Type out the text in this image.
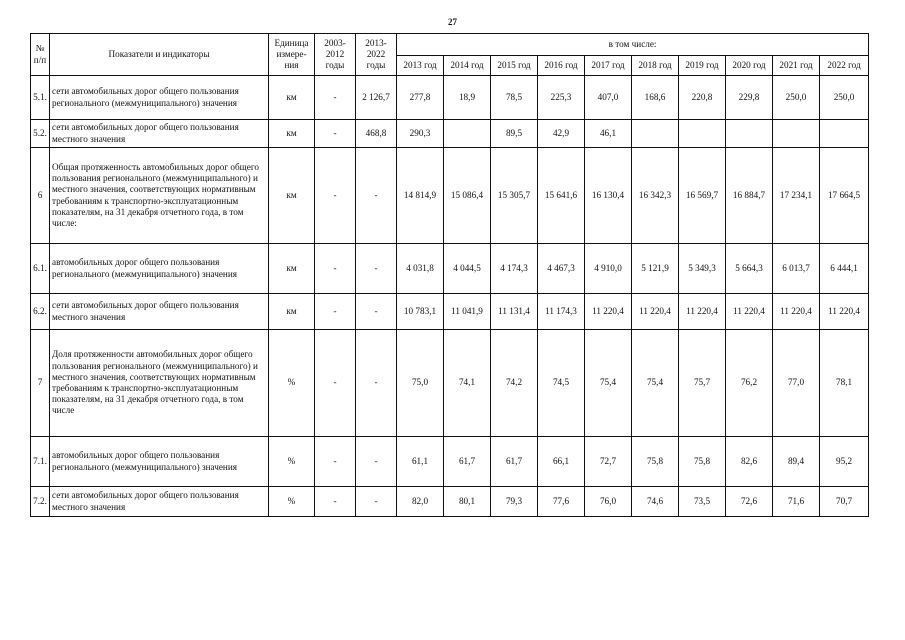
27
№ п/п	Показатели и индикаторы	Единица измере-ния	2003-2012 годы	2013-2022 годы	в том числе:									
					2013 год	2014 год	2015 год	2016 год	2017 год	2018 год	2019 год	2020 год	2021 год	2022 год
5.1.	сети автомобильных дорог общего пользования регионального (межмуниципального) значения	км	-	2 126,7	277,8	18,9	78,5	225,3	407,0	168,6	220,8	229,8	250,0	250,0
5.2.	сети автомобильных дорог общего пользования местного значения	км	-	468,8	290,3		89,5	42,9	46,1					
6	Общая протяженность автомобильных дорог общего пользования регионального (межмуниципального) и местного значения, соответствующих нормативным требованиям к транспортно-эксплуатационным показателям, на 31 декабря отчетного года, в том числе:	км	-	-	14 814,9	15 086,4	15 305,7	15 641,6	16 130,4	16 342,3	16 569,7	16 884,7	17 234,1	17 664,5
6.1.	автомобильных дорог общего пользования регионального (межмуниципального) значения	км	-	-	4 031,8	4 044,5	4 174,3	4 467,3	4 910,0	5 121,9	5 349,3	5 664,3	6 013,7	6 444,1
6.2.	сети автомобильных дорог общего пользования местного значения	км	-	-	10 783,1	11 041,9	11 131,4	11 174,3	11 220,4	11 220,4	11 220,4	11 220,4	11 220,4	11 220,4
7	Доля протяженности автомобильных дорог общего пользования регионального (межмуниципального) и местного значения, соответствующих нормативным требованиям к транспортно-эксплуатационным показателям, на 31 декабря отчетного года, в том числе	%	-	-	75,0	74,1	74,2	74,5	75,4	75,4	75,7	76,2	77,0	78,1
7.1.	автомобильных дорог общего пользования регионального (межмуниципального) значения	%	-	-	61,1	61,7	61,7	66,1	72,7	75,8	75,8	82,6	89,4	95,2
7.2.	сети автомобильных дорог общего пользования местного значения	%	-	-	82,0	80,1	79,3	77,6	76,0	74,6	73,5	72,6	71,6	70,7
